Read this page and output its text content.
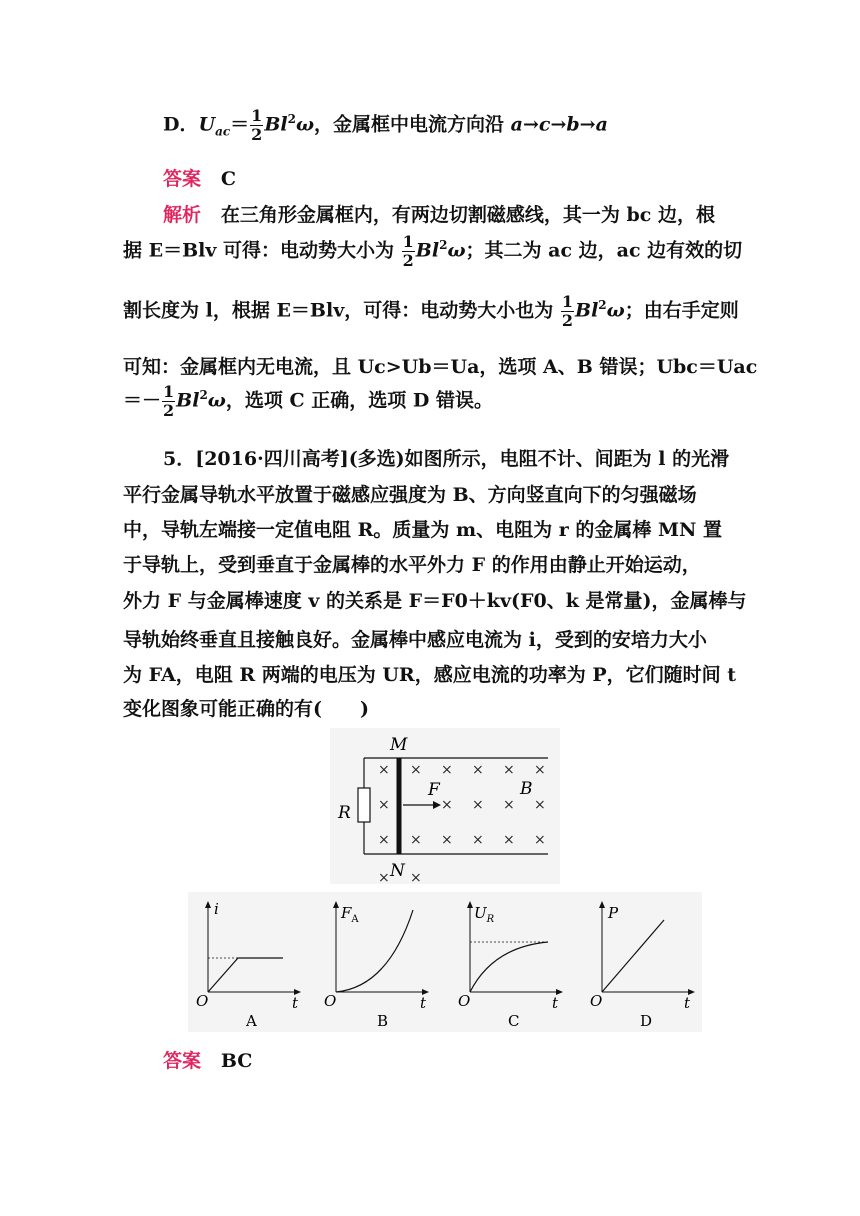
D．$U_{ac}= \frac{1}{2} Bl^2\omega$，金属框中电流方向沿 a→c→b→a
答案 C
解析 在三角形金属框内，有两边切割磁感线，其一为 bc 边，根
据 E＝Blv 可得：电动势大小为 $\frac{1}{2} Bl^2\omega$；其二为 ac 边，ac 边有效的切
割长度为 l，根据 E＝Blv，可得：电动势大小也为 $\frac{1}{2} Bl^2\omega$；由右手定则
可知：金属框内无电流，且 Uc>Ub＝Ua，选项 A、B 错误；Ubc＝Uac
＝－ $\frac{1}{2} Bl^2\omega$，选项 C 正确，选项 D 错误。
5．[2016·四川高考](多选)如图所示，电阻不计、间距为 l 的光滑
平行金属导轨水平放置于磁感应强度为 B、方向竖直向下的匀强磁场
中，导轨左端接一定值电阻 R。质量为 m、电阻为 r 的金属棒 MN 置
于导轨上，受到垂直于金属棒的水平外力 F 的作用由静止开始运动，
外力 F 与金属棒速度 v 的关系是 F＝F0＋kv(F0、k 是常量)，金属棒与
导轨始终垂直且接触良好。金属棒中感应电流为 i，受到的安培力大小
为 FA，电阻 R 两端的电压为 UR，感应电流的功率为 P，它们随时间 t
变化图象可能正确的有(　　)
R
M
N
F	B
× × × × × ×
×	× × × ×
× × × × × ×
× ×
i
t
O
A
$F_A$
t
O
B
$U_R$
t
O
C
P
t
O
D
答案 BC
